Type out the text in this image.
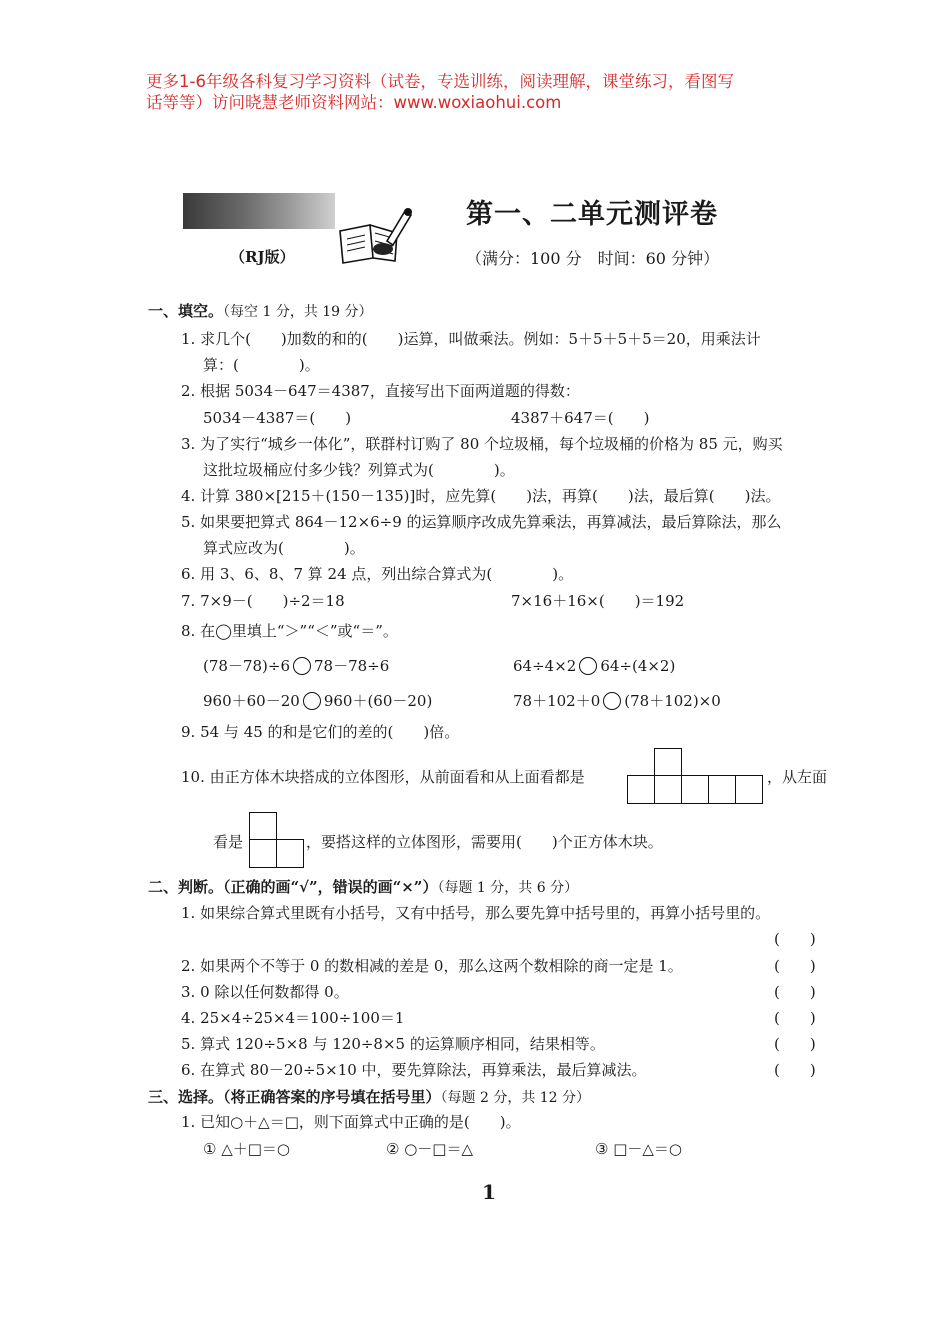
更多1-6年级各科复习学习资料（试卷，专选训练，阅读理解，课堂练习，看图写
话等等）访问晓慧老师资料网站：www.woxiaohui.com
（RJ版）
第一、二单元测评卷
（满分：100 分　时间：60 分钟）
一、填空。（每空 1 分，共 19 分）
1. 求几个(　　)加数的和的(　　)运算，叫做乘法。例如：5＋5＋5＋5＝20，用乘法计
算：(　　　　)。
2. 根据 5034－647＝4387，直接写出下面两道题的得数：
5034－4387＝(　　)	4387＋647＝(　　)
3. 为了实行“城乡一体化”，联群村订购了 80 个垃圾桶，每个垃圾桶的价格为 85 元，购买
这批垃圾桶应付多少钱？列算式为(　　　　)。
4. 计算 380×[215＋(150－135)]时，应先算(　　)法，再算(　　)法，最后算(　　)法。
5. 如果要把算式 864－12×6÷9 的运算顺序改成先算乘法，再算减法，最后算除法，那么
算式应改为(　　　　)。
6. 用 3、6、8、7 算 24 点，列出综合算式为(　　　　)。
7. 7×9－(　　)÷2＝18	7×16＋16×(　　)＝192
8. 在◯里填上“＞”“＜”或“＝”。
(78－78)÷6 78－78÷6	64÷4×2 64÷(4×2)
960＋60－20 960＋(60－20)	78＋102＋0 (78＋102)×0
9. 54 与 45 的和是它们的差的(　　)倍。
10. 由正方体木块搭成的立体图形，从前面看和从上面看都是	，从左面
看是	，要搭这样的立体图形，需要用(　　)个正方体木块。
二、判断。（正确的画“√”，错误的画“×”）（每题 1 分，共 6 分）
1. 如果综合算式里既有小括号，又有中括号，那么要先算中括号里的，再算小括号里的。
(　　)
2. 如果两个不等于 0 的数相减的差是 0，那么这两个数相除的商一定是 1。	(　　)
3. 0 除以任何数都得 0。	(　　)
4. 25×4÷25×4＝100÷100＝1	(　　)
5. 算式 120÷5×8 与 120÷8×5 的运算顺序相同，结果相等。	(　　)
6. 在算式 80－20÷5×10 中，要先算除法，再算乘法，最后算减法。	(　　)
三、选择。（将正确答案的序号填在括号里）（每题 2 分，共 12 分）
1. 已知○＋△＝□，则下面算式中正确的是(　　)。
① △＋□＝○	② ○－□＝△	③ □－△＝○
1
